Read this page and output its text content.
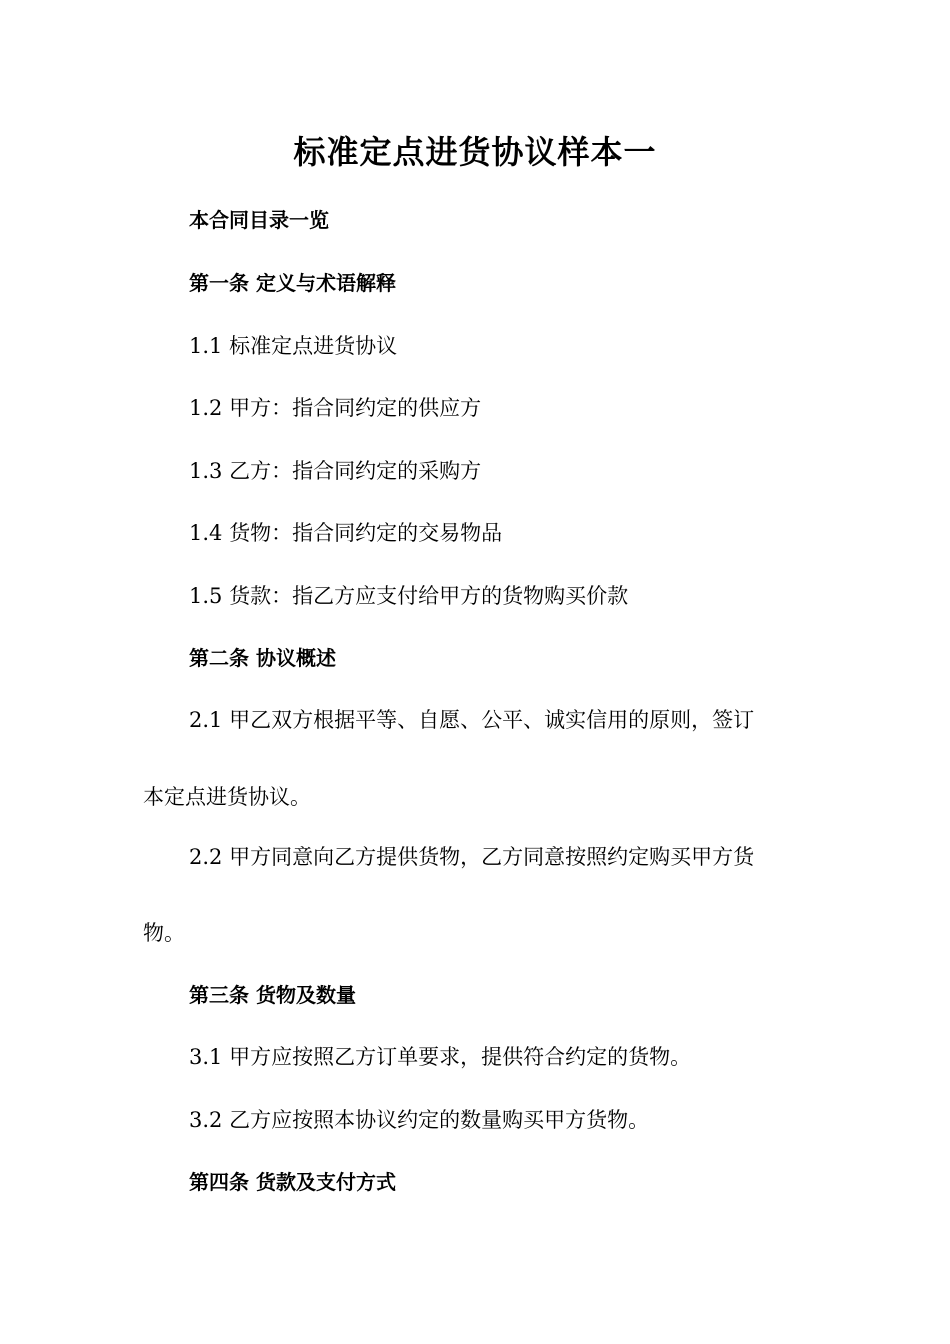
标准定点进货协议样本一
本合同目录一览
第一条 定义与术语解释
1.1 标准定点进货协议
1.2 甲方：指合同约定的供应方
1.3 乙方：指合同约定的采购方
1.4 货物：指合同约定的交易物品
1.5 货款：指乙方应支付给甲方的货物购买价款
第二条 协议概述
2.1 甲乙双方根据平等、自愿、公平、诚实信用的原则，签订
本定点进货协议。
2.2 甲方同意向乙方提供货物，乙方同意按照约定购买甲方货
物。
第三条 货物及数量
3.1 甲方应按照乙方订单要求，提供符合约定的货物。
3.2 乙方应按照本协议约定的数量购买甲方货物。
第四条 货款及支付方式
